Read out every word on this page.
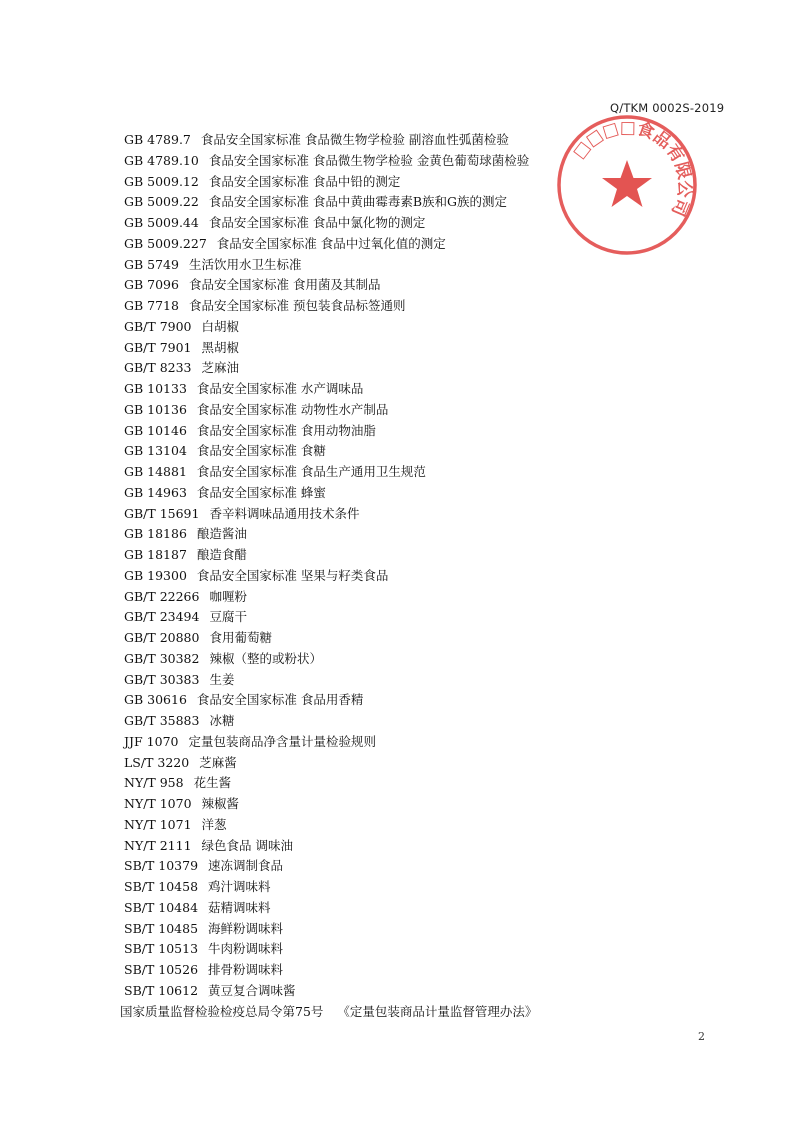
Q/TKM 0002S-2019
□□□□食品有限公司
GB 4789.7 食品安全国家标准 食品微生物学检验 副溶血性弧菌检验
GB 4789.10 食品安全国家标准 食品微生物学检验 金黄色葡萄球菌检验
GB 5009.12 食品安全国家标准 食品中铅的测定
GB 5009.22 食品安全国家标准 食品中黄曲霉毒素B族和G族的测定
GB 5009.44 食品安全国家标准 食品中氯化物的测定
GB 5009.227 食品安全国家标准 食品中过氧化值的测定
GB 5749 生活饮用水卫生标准
GB 7096 食品安全国家标准 食用菌及其制品
GB 7718 食品安全国家标准 预包装食品标签通则
GB/T 7900 白胡椒
GB/T 7901 黑胡椒
GB/T 8233 芝麻油
GB 10133 食品安全国家标准 水产调味品
GB 10136 食品安全国家标准 动物性水产制品
GB 10146 食品安全国家标准 食用动物油脂
GB 13104 食品安全国家标准 食糖
GB 14881 食品安全国家标准 食品生产通用卫生规范
GB 14963 食品安全国家标准 蜂蜜
GB/T 15691 香辛料调味品通用技术条件
GB 18186 酿造酱油
GB 18187 酿造食醋
GB 19300 食品安全国家标准 坚果与籽类食品
GB/T 22266 咖喱粉
GB/T 23494 豆腐干
GB/T 20880 食用葡萄糖
GB/T 30382 辣椒（整的或粉状）
GB/T 30383 生姜
GB 30616 食品安全国家标准 食品用香精
GB/T 35883 冰糖
JJF 1070 定量包装商品净含量计量检验规则
LS/T 3220 芝麻酱
NY/T 958 花生酱
NY/T 1070 辣椒酱
NY/T 1071 洋葱
NY/T 2111 绿色食品 调味油
SB/T 10379 速冻调制食品
SB/T 10458 鸡汁调味料
SB/T 10484 菇精调味料
SB/T 10485 海鲜粉调味料
SB/T 10513 牛肉粉调味料
SB/T 10526 排骨粉调味料
SB/T 10612 黄豆复合调味酱
国家质量监督检验检疫总局令第75号 《定量包装商品计量监督管理办法》
2
